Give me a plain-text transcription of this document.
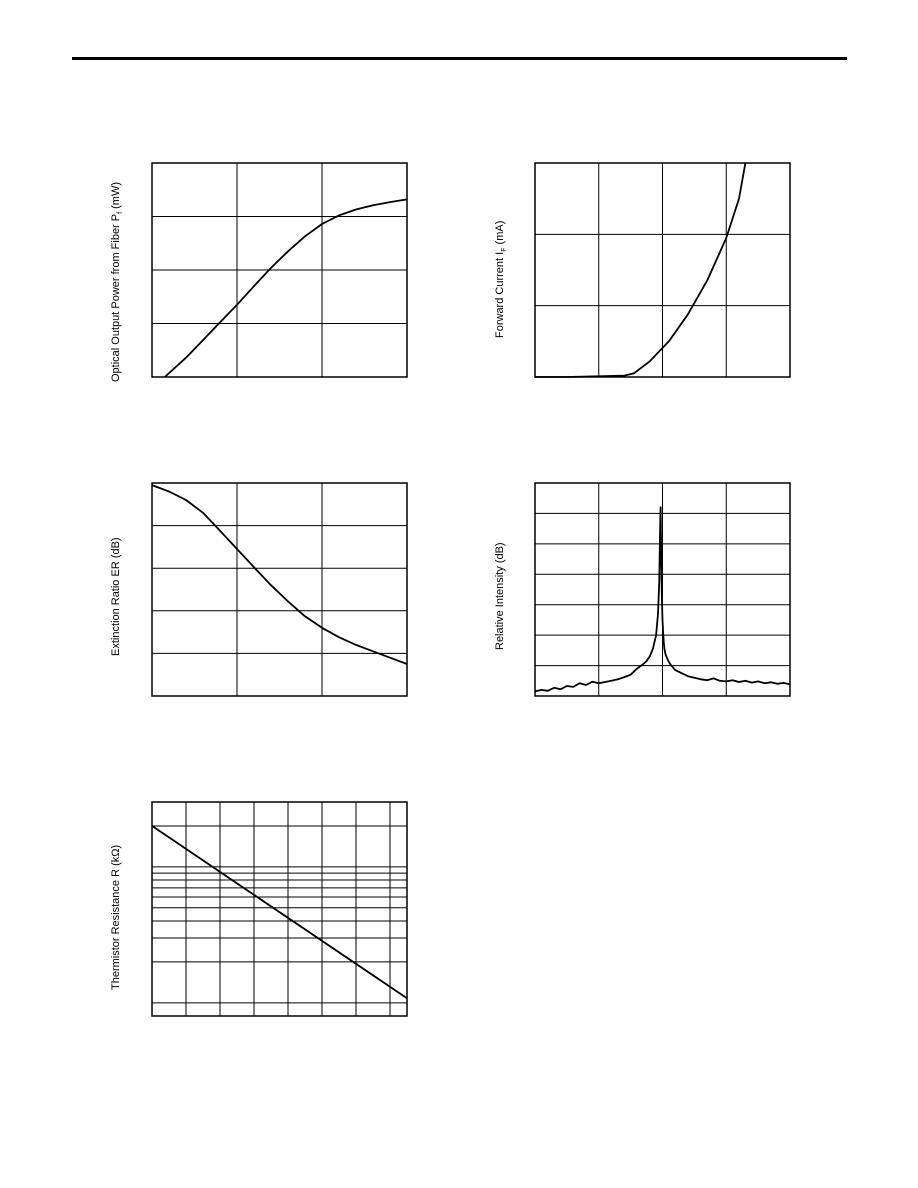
Optical Output Power from Fiber $P_f$ (mW)
Forward Current $I_F$ (mA)
Extinction Ratio ER (dB)	Relative Intensity (dB)
Thermistor Resistance R (kΩ)
